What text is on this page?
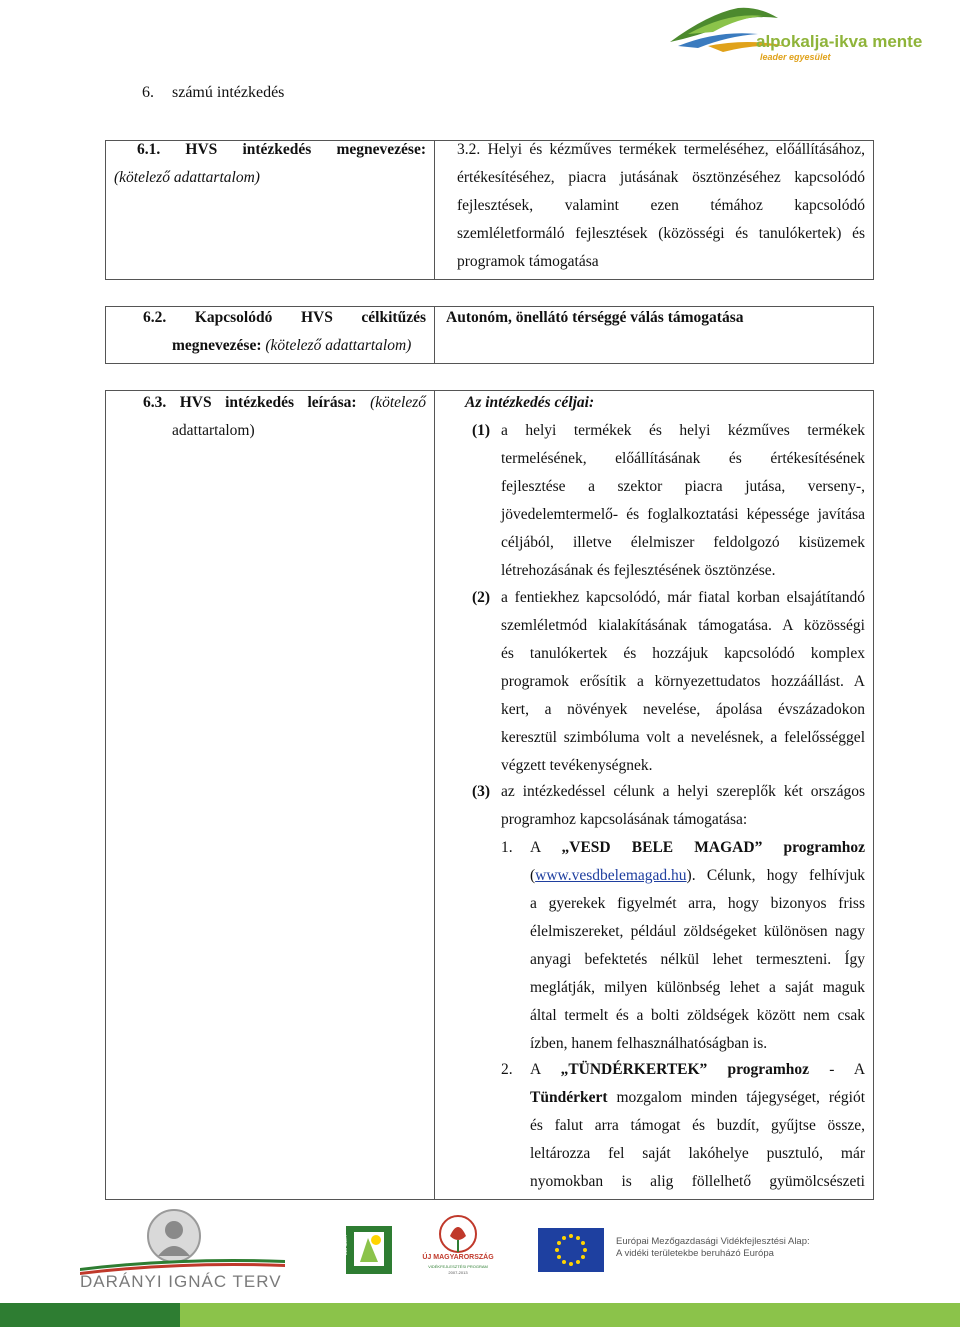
alpokalja-ikva mente
leader egyesület
6. számú intézkedés
6.1. HVS intézkedés megnevezése:
(kötelező adattartalom)
3.2. Helyi és kézműves termékek termeléséhez, előállításához,
értékesítéséhez, piacra jutásának ösztönzéséhez kapcsolódó
fejlesztések, valamint ezen témához kapcsolódó
szemléletformáló fejlesztések (közösségi és tanulókertek) és
programok támogatása
6.2. Kapcsolódó HVS célkitűzés
megnevezése: (kötelező adattartalom)
Autonóm, önellátó térséggé válás támogatása
6.3. HVS intézkedés leírása: (kötelező
adattartalom)
Az intézkedés céljai:
(1) a helyi termékek és helyi kézműves termékek
termelésének, előállításának és értékesítésének
fejlesztése a szektor piacra jutása, verseny-,
jövedelemtermelő- és foglalkoztatási képessége javítása
céljából, illetve élelmiszer feldolgozó kisüzemek
létrehozásának és fejlesztésének ösztönzése.
(2) a fentiekhez kapcsolódó, már fiatal korban elsajátítandó
szemléletmód kialakításának támogatása. A közösségi
és tanulókertek és hozzájuk kapcsolódó komplex
programok erősítik a környezettudatos hozzáállást. A
kert, a növények nevelése, ápolása évszázadokon
keresztül szimbóluma volt a nevelésnek, a felelősséggel
végzett tevékenységnek.
(3) az intézkedéssel célunk a helyi szereplők két országos
programhoz kapcsolásának támogatása:
1.	A „VESD BELE MAGAD” programhoz
(www.vesdbelemagad.hu). Célunk, hogy felhívjuk
a gyerekek figyelmét arra, hogy bizonyos friss
élelmiszereket, például zöldségeket különösen nagy
anyagi befektetés nélkül lehet termeszteni. Így
meglátják, milyen különbség lehet a saját maguk
által termelt és a bolti zöldségek között nem csak
ízben, hanem felhasználhatóságban is.
2.	A „TÜNDÉRKERTEK” programhoz - A
Tündérkert mozgalom minden tájegységet, régiót
és falut arra támogat és buzdít, gyűjtse össze,
leltározza fel saját lakóhelye pusztuló, már
nyomokban is alig föllelhető gyümölcsészeti
DARÁNYI IGNÁC TERV
LEADER
ÚJ MAGYARORSZÁG
VIDÉKFEJLESZTÉSI PROGRAM
2007-2013
Európai Mezőgazdasági Vidékfejlesztési Alap:
A vidéki területekbe beruházó Európa
